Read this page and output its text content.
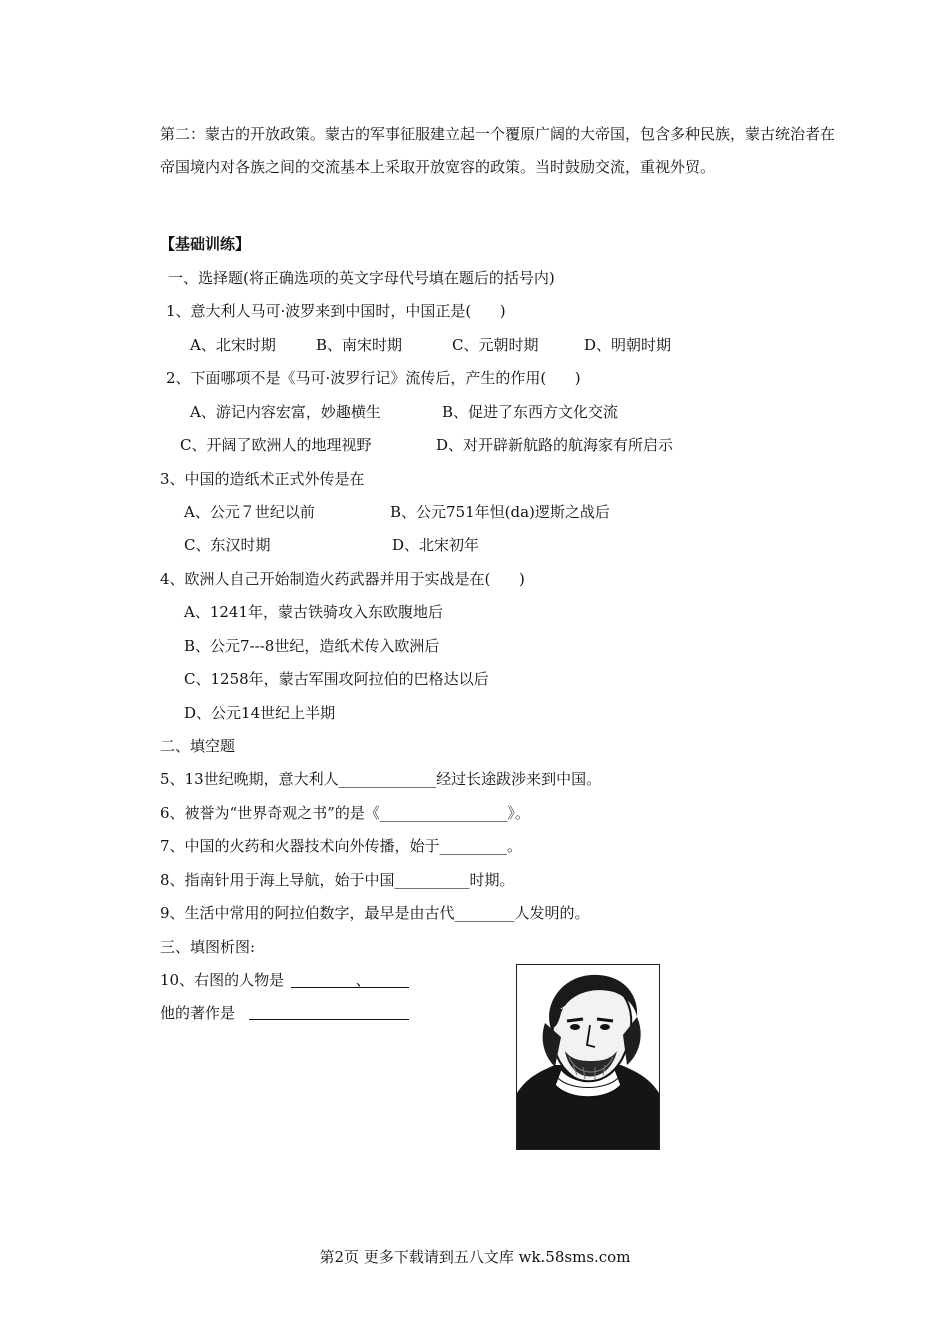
第二：蒙古的开放政策。蒙古的军事征服建立起一个覆原广阔的大帝国，包含多种民族，蒙古统治者在帝国境内对各族之间的交流基本上采取开放宽容的政策。当时鼓励交流，重视外贸。
【基础训练】
一、选择题(将正确选项的英文字母代号填在题后的括号内)
1、意大利人马可·波罗来到中国时，中国正是(      )
A、北宋时期	B、南宋时期	C、元朝时期	D、明朝时期
2、下面哪项不是《马可·波罗行记》流传后，产生的作用(      )
A、游记内容宏富，妙趣横生	B、促进了东西方文化交流
C、开阔了欧洲人的地理视野	D、对开辟新航路的航海家有所启示
3、中国的造纸术正式外传是在
A、公元７世纪以前	B、公元751年怛(da)逻斯之战后
C、东汉时期	D、北宋初年
4、欧洲人自己开始制造火药武器并用于实战是在(      )
A、1241年，蒙古铁骑攻入东欧腹地后
B、公元7---8世纪，造纸术传入欧洲后
C、1258年，蒙古军围攻阿拉伯的巴格达以后
D、公元14世纪上半期
二、填空题
5、13世纪晚期，意大利人_____________经过长途跋涉来到中国。
6、被誉为“世界奇观之书”的是《_________________》。
7、中国的火药和火器技术向外传播，始于_________。
8、指南针用于海上导航，始于中国__________时期。
9、生活中常用的阿拉伯数字，最早是由古代________人发明的。
三、填图析图:
10、右图的人物是               、
他的著作是
第2页 更多下载请到五八文库 wk.58sms.com
